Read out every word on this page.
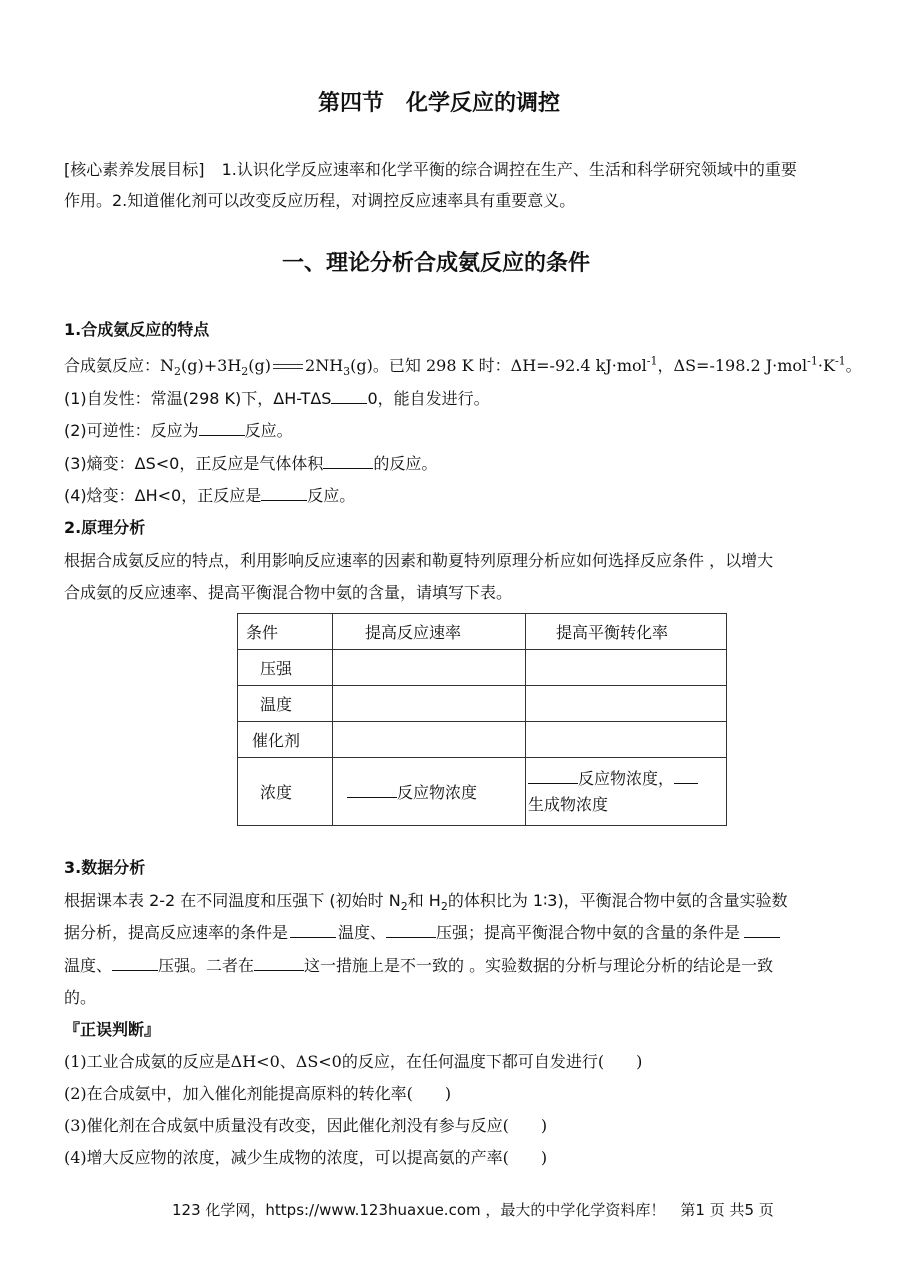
第四节　化学反应的调控
[核心素养发展目标] 1.认识化学反应速率和化学平衡的综合调控在生产、生活和科学研究领域中的重要
作用。2.知道催化剂可以改变反应历程，对调控反应速率具有重要意义。
一、理论分析合成氨反应的条件
1.合成氨反应的特点
合成氨反应：$N_2(g)+3H_2(g)$ $2NH_3(g)$。已知 298 K 时：ΔH=-92.4 kJ·mol$^{-1}$，ΔS=-198.2 $J\cdot mol^{-1}\cdot K^{-1}$。
(1)自发性：常温(298 K)下，ΔH-TΔS 0，能自发进行。
(2)可逆性：反应为	反应。
(3)熵变：ΔS<0，正反应是气体体积	的反应。
(4)焓变：ΔH<0，正反应是	反应。
2.原理分析
根据合成氨反应的特点，利用影响反应速率的因素和勒夏特列原理分析应如何选择反应条件 ，以增大
合成氨的反应速率、提高平衡混合物中氨的含量，请填写下表。
条件	提高反应速率	提高平衡转化率
压强		
温度		
催化剂		
浓度	反应物浓度	反应物浓度，
生成物浓度
3.数据分析
根据课本表 2-2 在不同温度和压强下 (初始时 $N_2$和 $H_2$的体积比为 1∶3)，平衡混合物中氨的含量实验数
据分析，提高反应速率的条件是	温度、	压强；提高平衡混合物中氨的含量的条件是
温度、	压强。二者在	这一措施上是不一致的 。实验数据的分析与理论分析的结论是一致
的。
『正误判断』
(1)工业合成氨的反应是ΔH<0、ΔS<0的反应，在任何温度下都可自发进行(　　)
(2)在合成氨中，加入催化剂能提高原料的转化率(　　)
(3)催化剂在合成氨中质量没有改变，因此催化剂没有参与反应(　　)
(4)增大反应物的浓度，减少生成物的浓度，可以提高氨的产率(　　)
123 化学网，https://www.123huaxue.com ，最大的中学化学资料库！　第1 页 共5 页
